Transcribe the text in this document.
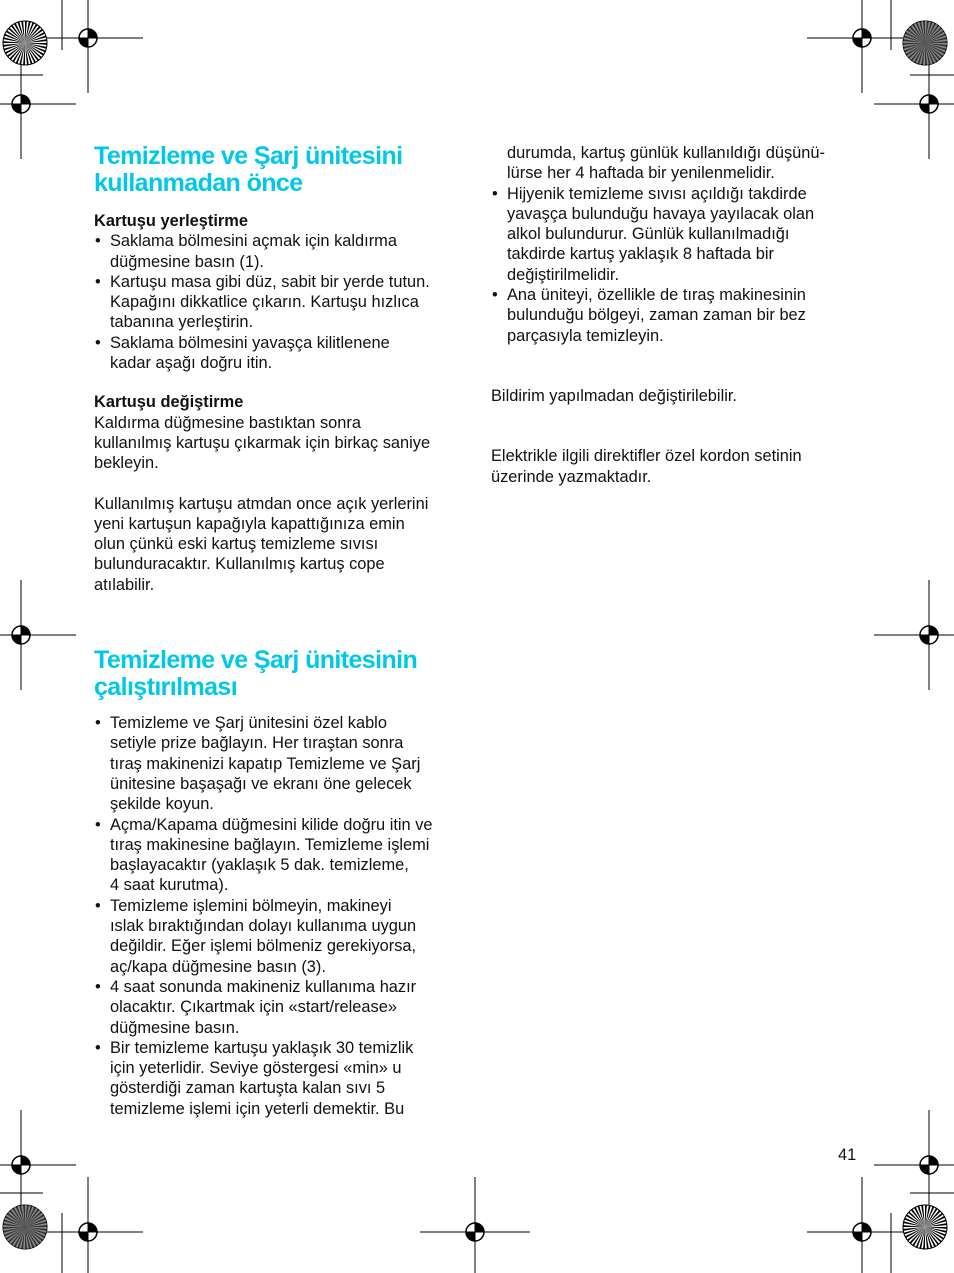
Temizleme ve Şarj ünitesini
kullanmadan önce
Kartuşu yerleştirme
• Saklama bölmesini açmak için kaldırma
düğmesine basın (1).
• Kartuşu masa gibi düz, sabit bir yerde tutun.
Kapağını dikkatlice çıkarın. Kartuşu hızlıca
tabanına yerleştirin.
• Saklama bölmesini yavaşça kilitlenene
kadar aşağı doğru itin.
Kartuşu değiştirme

Kaldırma düğmesine bastıktan sonra
kullanılmış kartuşu çıkarmak için birkaç saniye
bekleyin.

Kullanılmış kartuşu atmdan once açık yerlerini
yeni kartuşun kapağıyla kapattığınıza emin
olun çünkü eski kartuş temizleme sıvısı
bulunduracaktır. Kullanılmış kartuş cope
atılabilir.

Temizleme ve Şarj ünitesinin
çalıştırılması
• Temizleme ve Şarj ünitesini özel kablo
setiyle prize bağlayın. Her tıraştan sonra
tıraş makinenizi kapatıp Temizleme ve Şarj
ünitesine başaşağı ve ekranı öne gelecek
şekilde koyun.
• Açma/Kapama düğmesini kilide doğru itin ve
tıraş makinesine bağlayın. Temizleme işlemi
başlayacaktır (yaklaşık 5 dak. temizleme,
4 saat kurutma).
• Temizleme işlemini bölmeyin, makineyi
ıslak bıraktığından dolayı kullanıma uygun
değildir. Eğer işlemi bölmeniz gerekiyorsa,
aç/kapa düğmesine basın (3).
• 4 saat sonunda makineniz kullanıma hazır
olacaktır. Çıkartmak için «start/release»
düğmesine basın.
• Bir temizleme kartuşu yaklaşık 30 temizlik
için yeterlidir. Seviye göstergesi «min» u
gösterdiği zaman kartuşta kalan sıvı 5
temizleme işlemi için yeterli demektir. Bu
durumda, kartuş günlük kullanıldığı düşünü-
lürse her 4 haftada bir yenilenmelidir.
• Hijyenik temizleme sıvısı açıldığı takdirde
yavaşça bulunduğu havaya yayılacak olan
alkol bulundurur. Günlük kullanılmadığı
takdirde kartuş yaklaşık 8 haftada bir
değiştirilmelidir.
• Ana üniteyi, özellikle de tıraş makinesinin
bulunduğu bölgeyi, zaman zaman bir bez
parçasıyla temizleyin.

Bildirim yapılmadan değiştirilebilir.

Elektrikle ilgili direktifler özel kordon setinin
üzerinde yazmaktadır.

41
